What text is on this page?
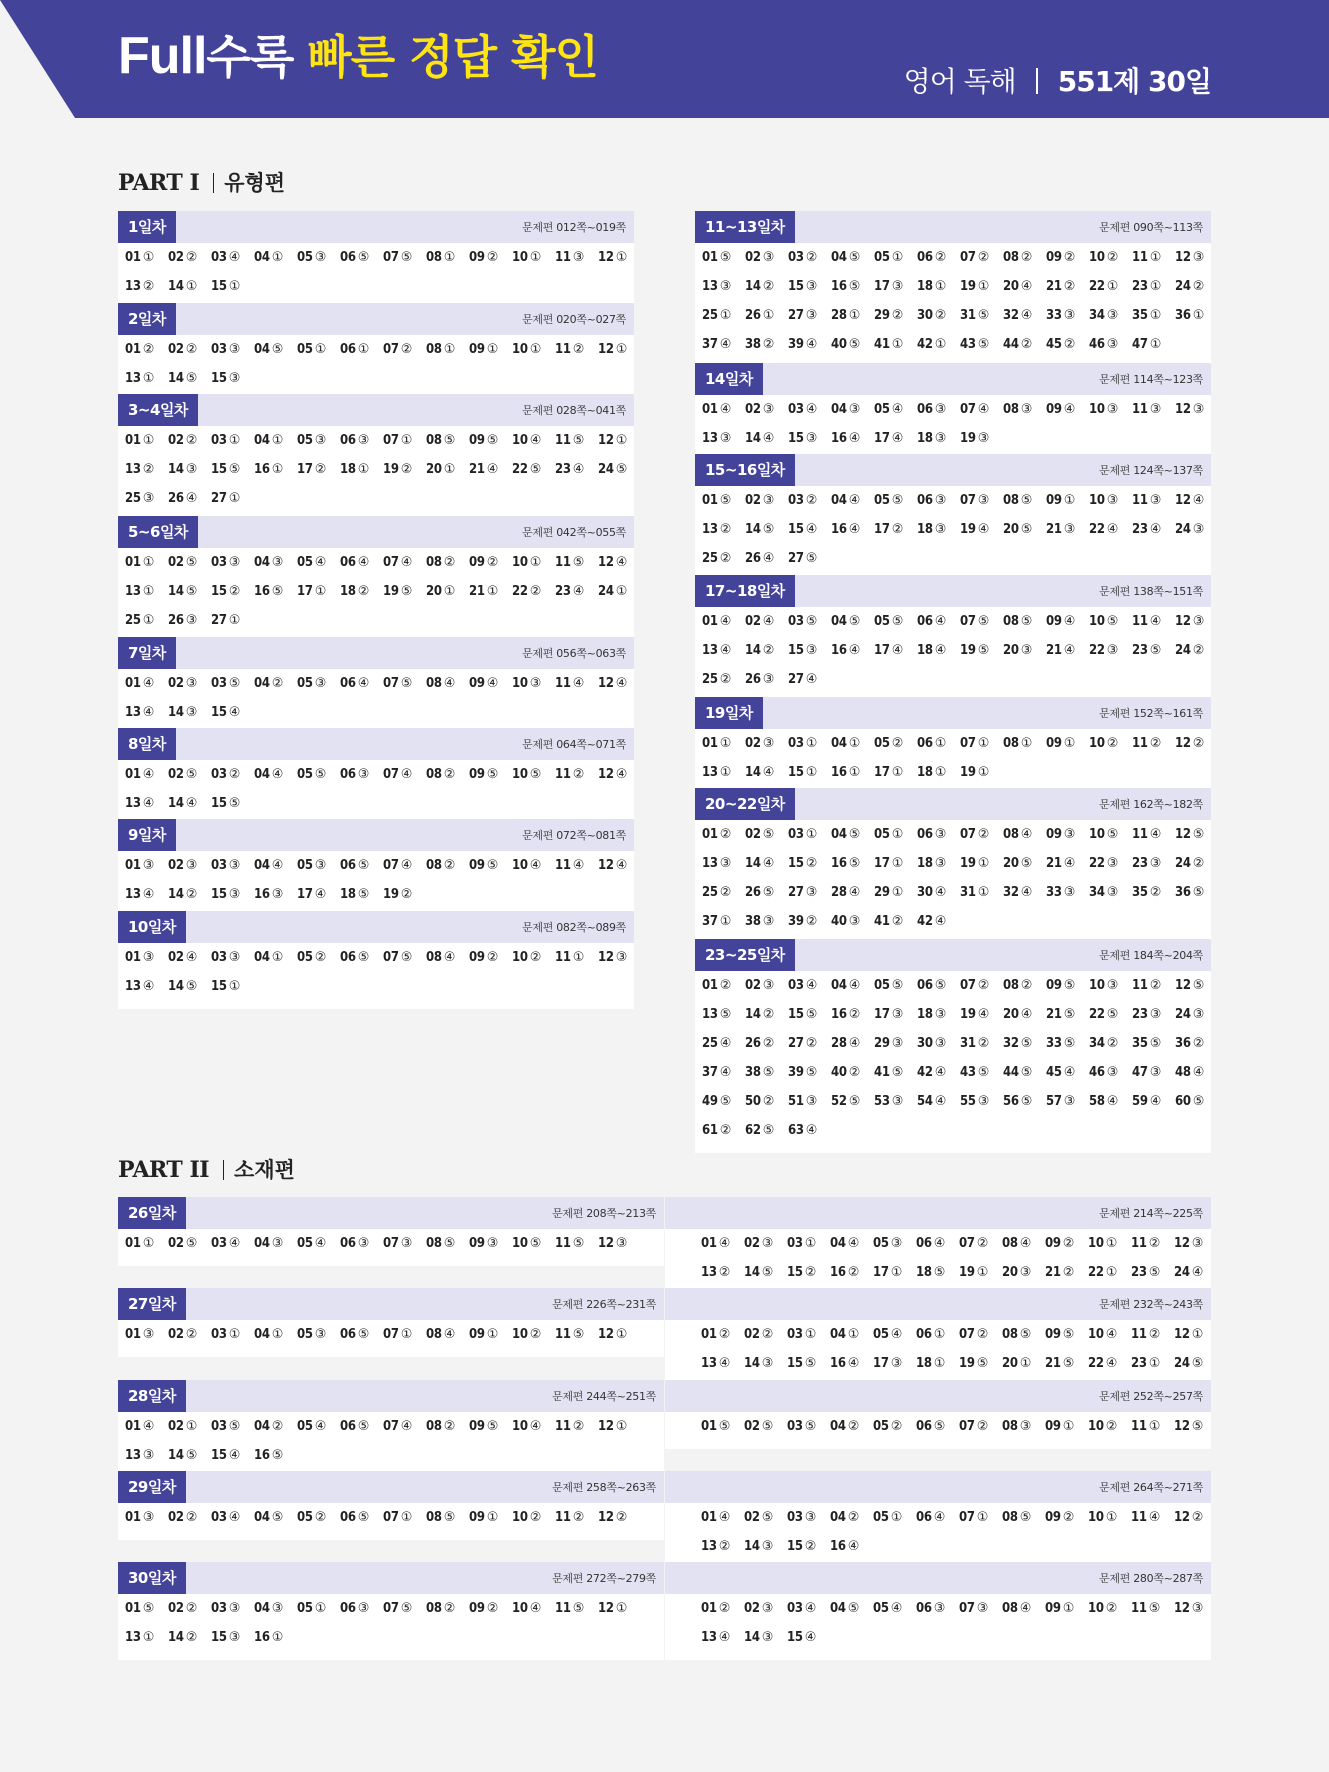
Full수록 빠른 정답 확인	영어 독해 551제 30일
PART I 유형편
PART II 소재편
1일차	문제편 012쪽~019쪽
01 ①	02 ②	03 ④	04 ①	05 ③	06 ⑤	07 ⑤	08 ①	09 ②	10 ①	11 ③	12 ①
13 ②	14 ①	15 ①
2일차	문제편 020쪽~027쪽
01 ②	02 ②	03 ③	04 ⑤	05 ①	06 ①	07 ②	08 ①	09 ①	10 ①	11 ②	12 ①
13 ①	14 ⑤	15 ③
3~4일차	문제편 028쪽~041쪽
01 ①	02 ②	03 ①	04 ①	05 ③	06 ③	07 ①	08 ⑤	09 ⑤	10 ④	11 ⑤	12 ①
13 ②	14 ③	15 ⑤	16 ①	17 ②	18 ①	19 ②	20 ①	21 ④	22 ⑤	23 ④	24 ⑤
25 ③	26 ④	27 ①
5~6일차	문제편 042쪽~055쪽
01 ①	02 ⑤	03 ③	04 ③	05 ④	06 ④	07 ④	08 ②	09 ②	10 ①	11 ⑤	12 ④
13 ①	14 ⑤	15 ②	16 ⑤	17 ①	18 ②	19 ⑤	20 ①	21 ①	22 ②	23 ④	24 ①
25 ①	26 ③	27 ①
7일차	문제편 056쪽~063쪽
01 ④	02 ③	03 ⑤	04 ②	05 ③	06 ④	07 ⑤	08 ④	09 ④	10 ③	11 ④	12 ④
13 ④	14 ③	15 ④
8일차	문제편 064쪽~071쪽
01 ④	02 ⑤	03 ②	04 ④	05 ⑤	06 ③	07 ④	08 ②	09 ⑤	10 ⑤	11 ②	12 ④
13 ④	14 ④	15 ⑤
9일차	문제편 072쪽~081쪽
01 ③	02 ③	03 ③	04 ④	05 ③	06 ⑤	07 ④	08 ②	09 ⑤	10 ④	11 ④	12 ④
13 ④	14 ②	15 ③	16 ③	17 ④	18 ⑤	19 ②
10일차	문제편 082쪽~089쪽
01 ③	02 ④	03 ③	04 ①	05 ②	06 ⑤	07 ⑤	08 ④	09 ②	10 ②	11 ①	12 ③
13 ④	14 ⑤	15 ①
11~13일차	문제편 090쪽~113쪽
01 ⑤	02 ③	03 ②	04 ⑤	05 ①	06 ②	07 ②	08 ②	09 ②	10 ②	11 ①	12 ③
13 ③	14 ②	15 ③	16 ⑤	17 ③	18 ①	19 ①	20 ④	21 ②	22 ①	23 ①	24 ②
25 ①	26 ①	27 ③	28 ①	29 ②	30 ②	31 ⑤	32 ④	33 ③	34 ③	35 ①	36 ①
37 ④	38 ②	39 ④	40 ⑤	41 ①	42 ①	43 ⑤	44 ②	45 ②	46 ③	47 ①
14일차	문제편 114쪽~123쪽
01 ④	02 ③	03 ④	04 ③	05 ④	06 ③	07 ④	08 ③	09 ④	10 ③	11 ③	12 ③
13 ③	14 ④	15 ③	16 ④	17 ④	18 ③	19 ③
15~16일차	문제편 124쪽~137쪽
01 ⑤	02 ③	03 ②	04 ④	05 ⑤	06 ③	07 ③	08 ⑤	09 ①	10 ③	11 ③	12 ④
13 ②	14 ⑤	15 ④	16 ④	17 ②	18 ③	19 ④	20 ⑤	21 ③	22 ④	23 ④	24 ③
25 ②	26 ④	27 ⑤
17~18일차	문제편 138쪽~151쪽
01 ④	02 ④	03 ⑤	04 ⑤	05 ⑤	06 ④	07 ⑤	08 ⑤	09 ④	10 ⑤	11 ④	12 ③
13 ④	14 ②	15 ③	16 ④	17 ④	18 ④	19 ⑤	20 ③	21 ④	22 ③	23 ⑤	24 ②
25 ②	26 ③	27 ④
19일차	문제편 152쪽~161쪽
01 ①	02 ③	03 ①	04 ①	05 ②	06 ①	07 ①	08 ①	09 ①	10 ②	11 ②	12 ②
13 ①	14 ④	15 ①	16 ①	17 ①	18 ①	19 ①
20~22일차	문제편 162쪽~182쪽
01 ②	02 ⑤	03 ①	04 ⑤	05 ①	06 ③	07 ②	08 ④	09 ③	10 ⑤	11 ④	12 ⑤
13 ③	14 ④	15 ②	16 ⑤	17 ①	18 ③	19 ①	20 ⑤	21 ④	22 ③	23 ③	24 ②
25 ②	26 ⑤	27 ③	28 ④	29 ①	30 ④	31 ①	32 ④	33 ③	34 ③	35 ②	36 ⑤
37 ①	38 ③	39 ②	40 ③	41 ②	42 ④
23~25일차	문제편 184쪽~204쪽
01 ②	02 ③	03 ④	04 ④	05 ⑤	06 ⑤	07 ②	08 ②	09 ⑤	10 ③	11 ②	12 ⑤
13 ⑤	14 ②	15 ⑤	16 ②	17 ③	18 ③	19 ④	20 ④	21 ⑤	22 ⑤	23 ③	24 ③
25 ④	26 ②	27 ②	28 ④	29 ③	30 ③	31 ②	32 ⑤	33 ⑤	34 ②	35 ⑤	36 ②
37 ④	38 ⑤	39 ⑤	40 ②	41 ⑤	42 ④	43 ⑤	44 ⑤	45 ④	46 ③	47 ③	48 ④
49 ⑤	50 ②	51 ③	52 ⑤	53 ③	54 ④	55 ③	56 ⑤	57 ③	58 ④	59 ④	60 ⑤
61 ②	62 ⑤	63 ④
26일차	문제편 208쪽~213쪽
01 ①	02 ⑤	03 ④	04 ③	05 ④	06 ③	07 ③	08 ⑤	09 ③	10 ⑤	11 ⑤	12 ③
문제편 214쪽~225쪽
01 ④	02 ③	03 ①	04 ④	05 ③	06 ④	07 ②	08 ④	09 ②	10 ①	11 ②	12 ③
13 ②	14 ⑤	15 ②	16 ②	17 ①	18 ⑤	19 ①	20 ③	21 ②	22 ①	23 ⑤	24 ④
27일차	문제편 226쪽~231쪽
01 ③	02 ②	03 ①	04 ①	05 ③	06 ⑤	07 ①	08 ④	09 ①	10 ②	11 ⑤	12 ①
문제편 232쪽~243쪽
01 ②	02 ②	03 ①	04 ①	05 ④	06 ①	07 ②	08 ⑤	09 ⑤	10 ④	11 ②	12 ①
13 ④	14 ③	15 ⑤	16 ④	17 ③	18 ①	19 ⑤	20 ①	21 ⑤	22 ④	23 ①	24 ⑤
28일차	문제편 244쪽~251쪽
01 ④	02 ①	03 ⑤	04 ②	05 ④	06 ⑤	07 ④	08 ②	09 ⑤	10 ④	11 ②	12 ①
13 ③	14 ⑤	15 ④	16 ⑤
문제편 252쪽~257쪽
01 ⑤	02 ⑤	03 ⑤	04 ②	05 ②	06 ⑤	07 ②	08 ③	09 ①	10 ②	11 ①	12 ⑤
29일차	문제편 258쪽~263쪽
01 ③	02 ②	03 ④	04 ⑤	05 ②	06 ⑤	07 ①	08 ⑤	09 ①	10 ②	11 ②	12 ②
문제편 264쪽~271쪽
01 ④	02 ⑤	03 ③	04 ②	05 ①	06 ④	07 ①	08 ⑤	09 ②	10 ①	11 ④	12 ②
13 ②	14 ③	15 ②	16 ④
30일차	문제편 272쪽~279쪽
01 ⑤	02 ②	03 ③	04 ③	05 ①	06 ③	07 ⑤	08 ②	09 ②	10 ④	11 ⑤	12 ①
13 ①	14 ②	15 ③	16 ①
문제편 280쪽~287쪽
01 ②	02 ③	03 ④	04 ⑤	05 ④	06 ③	07 ③	08 ④	09 ①	10 ②	11 ⑤	12 ③
13 ④	14 ③	15 ④
